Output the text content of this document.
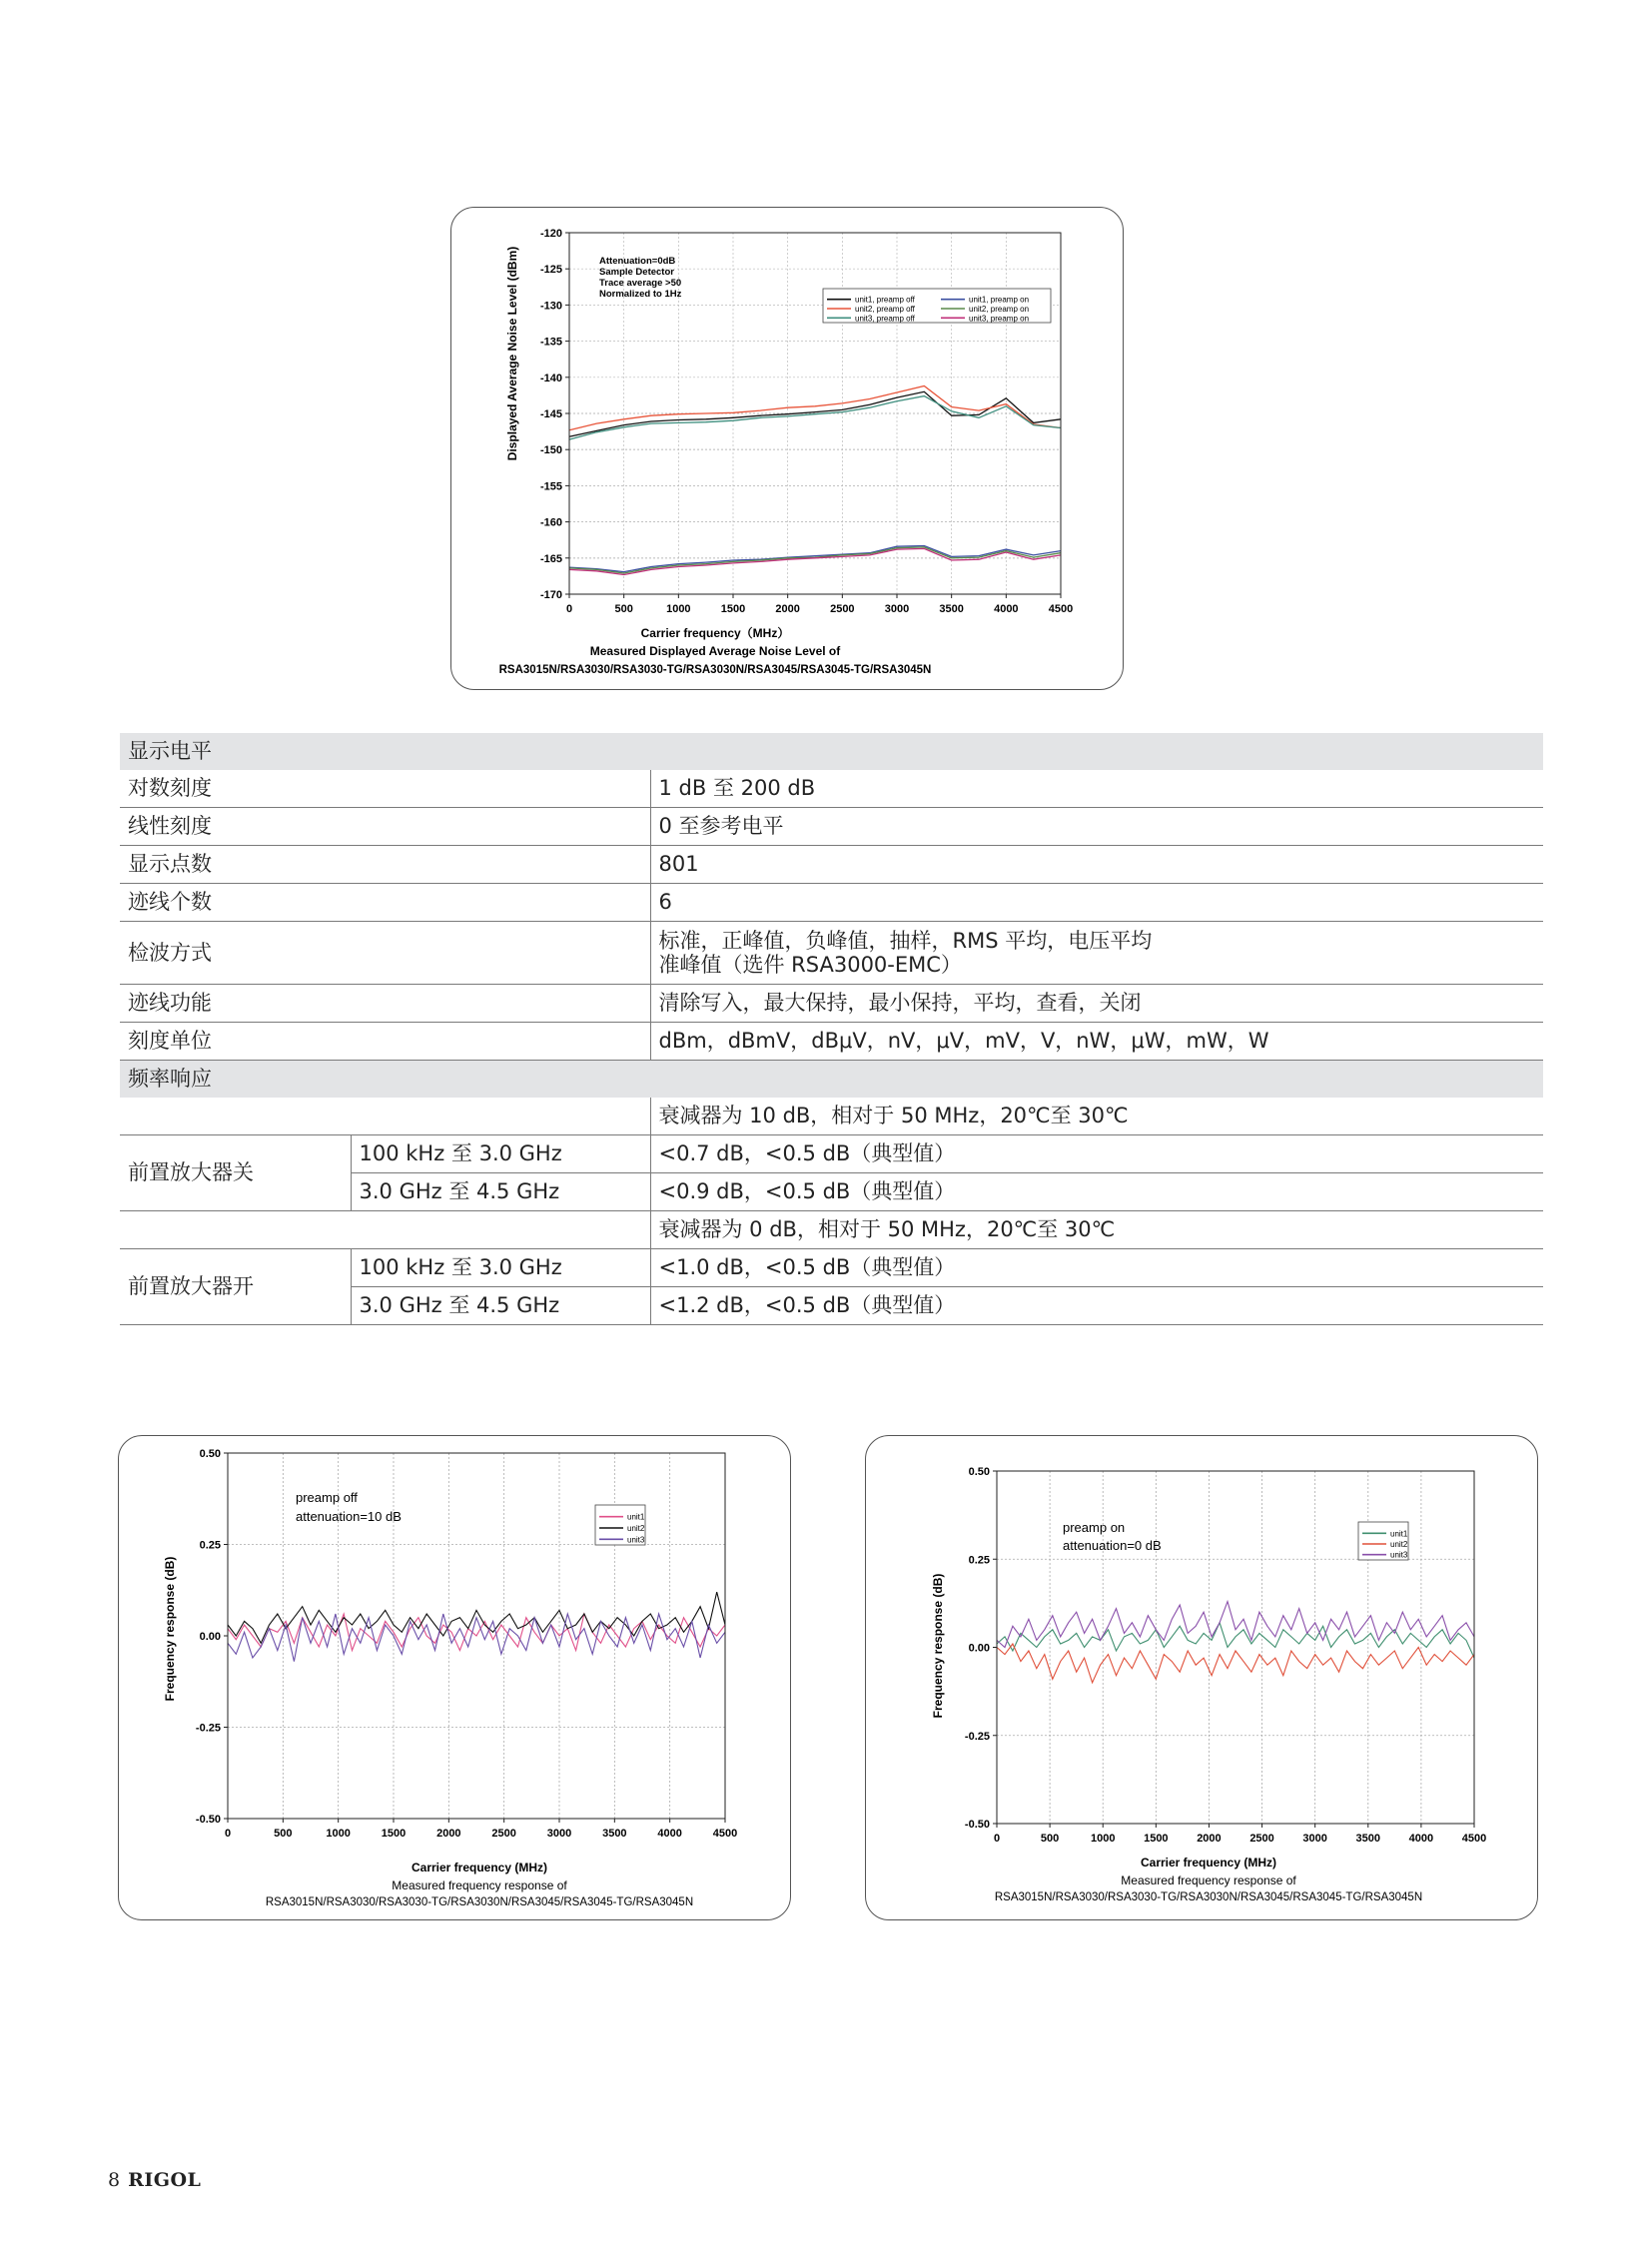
-120
-125
-130
-135
-140
-145
-150
-155
-160
-165
-170
0	500	1000	1500	2000	2500	3000	3500	4000	4500
Attenuation=0dB
Sample Detector
Trace average >50
Normalized to 1Hz
unit1, preamp off
unit2, preamp off
unit3, preamp off
unit1, preamp on
unit2, preamp on
unit3, preamp on
Displayed Average Noise Level (dBm)
Carrier frequency（MHz）
Measured Displayed Average Noise Level of
RSA3015N/RSA3030/RSA3030-TG/RSA3030N/RSA3045/RSA3045-TG/RSA3045N
显示电平		
对数刻度		1 dB 至 200 dB
线性刻度		0 至参考电平
显示点数		801
迹线个数		6
检波方式		标准，正峰值，负峰值，抽样，RMS 平均，电压平均
准峰值（选件 RSA3000-EMC）

迹线功能		清除写入，最大保持，最小保持，平均，查看，关闭
刻度单位		dBm，dBmV，dBμV，nV，μV，mV，V，nW，μW，mW，W
频率响应		
		衰减器为 10 dB，相对于 50 MHz，20℃至 30℃
前置放大器关	100 kHz 至 3.0 GHz	<0.7 dB，<0.5 dB（典型值）
	3.0 GHz 至 4.5 GHz	<0.9 dB，<0.5 dB（典型值）
		衰减器为 0 dB，相对于 50 MHz，20℃至 30℃
前置放大器开	100 kHz 至 3.0 GHz	<1.0 dB，<0.5 dB（典型值）
	3.0 GHz 至 4.5 GHz	<1.2 dB，<0.5 dB（典型值）
0.50
0.25
0.00
-0.25
-0.50
0	500	1000	1500	2000	2500	3000	3500	4000	4500
preamp off
attenuation=10 dB	unit1
unit2
unit3
Frequency response (dB)
Carrier frequency (MHz)
Measured frequency response of
RSA3015N/RSA3030/RSA3030-TG/RSA3030N/RSA3045/RSA3045-TG/RSA3045N
0.50
0.25
0.00
-0.25
-0.50
0	500	1000	1500	2000	2500	3000	3500	4000	4500
preamp on
attenuation=0 dB
unit1
unit2
unit3
Frequency response (dB)
Carrier frequency (MHz)
Measured frequency response of
RSA3015N/RSA3030/RSA3030-TG/RSA3030N/RSA3045/RSA3045-TG/RSA3045N
8 RIGOL
